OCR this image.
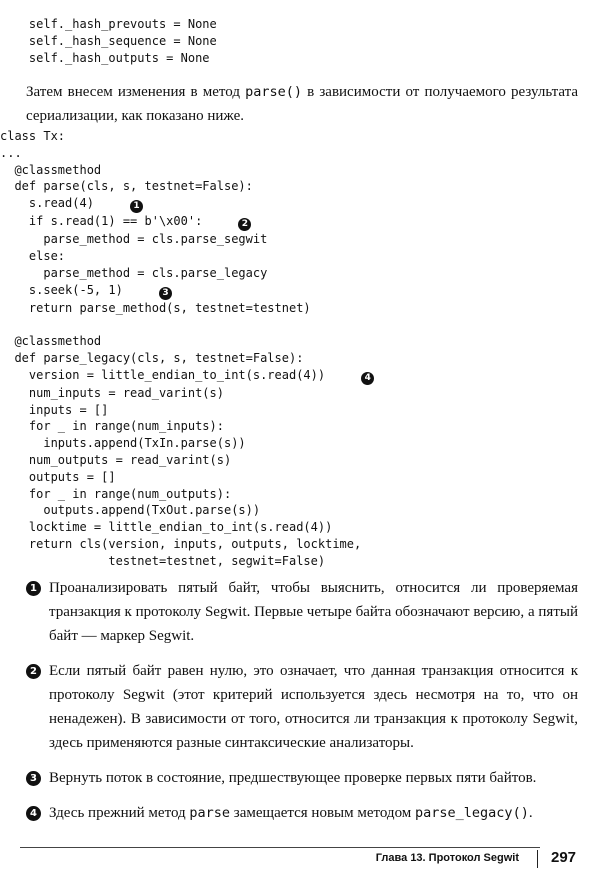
self._hash_prevouts = None
self._hash_sequence = None
self._hash_outputs = None

Затем внесем изменения в метод parse() в зависимости от получаемого результата сериализации, как показано ниже.

class Tx:
...
@classmethod
def parse(cls, s, testnet=False):
s.read(4)     1
if s.read(1) == b'\x00':     2
parse_method = cls.parse_segwit
else:
parse_method = cls.parse_legacy
s.seek(-5, 1)     3
return parse_method(s, testnet=testnet)

@classmethod
def parse_legacy(cls, s, testnet=False):
version = little_endian_to_int(s.read(4))     4
num_inputs = read_varint(s)
inputs = []
for _ in range(num_inputs):
inputs.append(TxIn.parse(s))
num_outputs = read_varint(s)
outputs = []
for _ in range(num_outputs):
outputs.append(TxOut.parse(s))
locktime = little_endian_to_int(s.read(4))
return cls(version, inputs, outputs, locktime,
testnet=testnet, segwit=False)
1 Проанализировать пятый байт, чтобы выяснить, относится ли проверяемая транзакция к протоколу Segwit. Первые четыре байта обозначают версию, а пятый байт — маркер Segwit.
2 Если пятый байт равен нулю, это означает, что данная транзакция относится к протоколу Segwit (этот критерий используется здесь несмотря на то, что он ненадежен). В зависимости от того, относится ли транзакция к протоколу Segwit, здесь применяются разные синтаксические анализаторы.
3 Вернуть поток в состояние, предшествующее проверке первых пяти байтов.
4 Здесь прежний метод parse замещается новым методом parse_legacy().
Глава 13. Протокол Segwit 297
